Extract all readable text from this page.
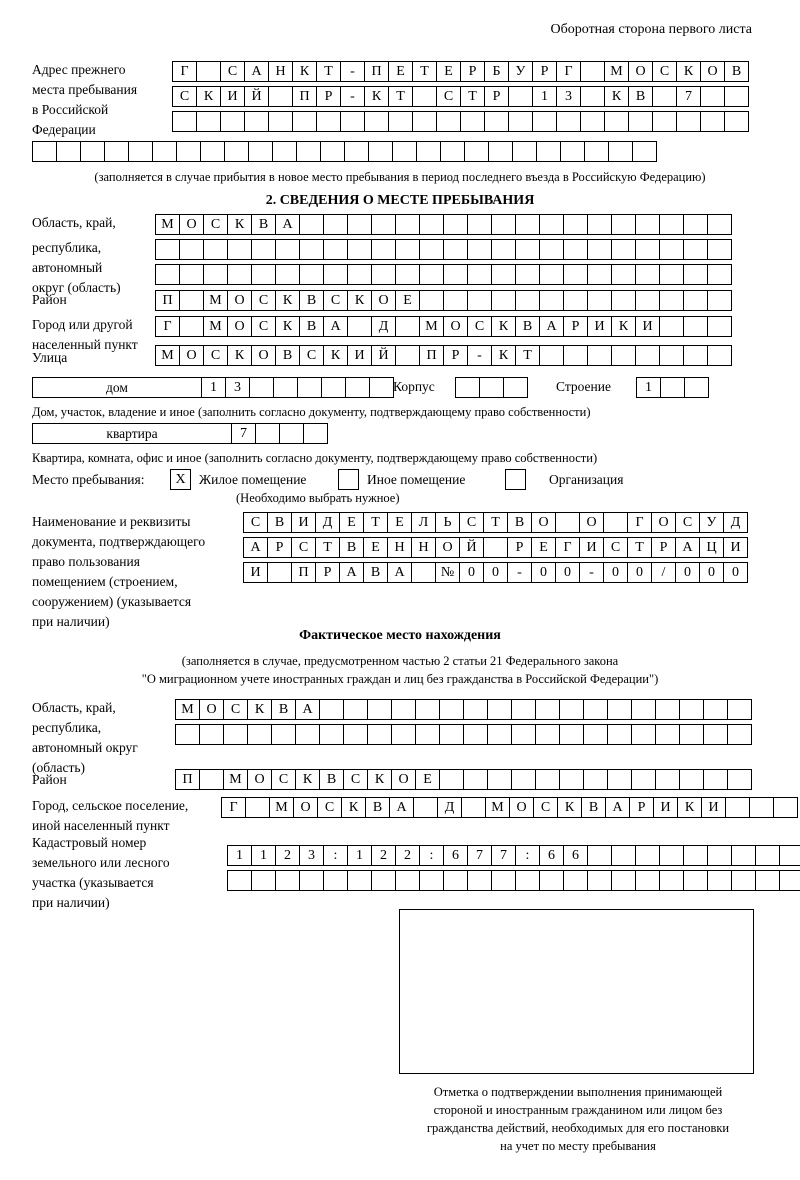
Оборотная сторона первого листа
Адрес прежнего
места пребывания
в Российской
Федерации
Г	С	А Н	К	Т	-	П	Е	Т	Е	Р	Б	У	Р	Г	М О	С	К	О	В
С	К	И Й	П	Р	-	К	Т	С	Т	Р	1	3	К	В	7
(заполняется в случае прибытия в новое место пребывания в период последнего въезда в Российскую Федерацию)
2. СВЕДЕНИЯ О МЕСТЕ ПРЕБЫВАНИЯ
Область, край,
республика,
автономный
округ (область)
М О	С	К	В	А
Район	П	М О	С	К	В	С	К	О	Е
Город или другой
населенный пункт
Г	М О	С	К	В	А	Д	М О	С	К	В	А	Р	И	К	И
Улица	М О	С	К	О	В	С	К	И Й	П	Р	-	К	Т
дом	1	3	Корпус	Строение	1
Дом, участок, владение и иное (заполнить согласно документу, подтверждающему право собственности)
квартира	7
Квартира, комната, офис и иное (заполнить согласно документу, подтверждающему право собственности)
Место пребывания:	X Жилое помещение	Иное помещение	Организация
(Необходимо выбрать нужное)
Наименование и реквизиты
документа, подтверждающего
право пользования
помещением (строением,
сооружением) (указывается
при наличии)
С	В	И	Д	Е	Т	Е	Л	Ь	С	Т	В	О	О	Г	О	С	У	Д
А	Р	С	Т	В	Е	Н Н О Й	Р	Е	Г	И	С	Т	Р	А Ц И
И	П	Р	А	В	А	№ 0	0	-	0	0	-	0	0	/	0	0	0
Фактическое место нахождения
(заполняется в случае, предусмотренном частью 2 статьи 21 Федерального закона
"О миграционном учете иностранных граждан и лиц без гражданства в Российской Федерации")
Область, край,
республика,
автономный округ
(область)
М О	С	К	В	А
Район	П	М О	С	К	В	С	К	О	Е
Город, сельское поселение,
иной населенный пункт
Г	М О	С	К	В	А	Д	М О	С	К	В	А	Р	И	К	И
Кадастровый номер
земельного или лесного
участка (указывается
при наличии)
1	1	2	3	:	1	2	2	:	6	7	7	:	6	6
Отметка о подтверждении выполнения принимающей
стороной и иностранным гражданином или лицом без
гражданства действий, необходимых для его постановки
на учет по месту пребывания
